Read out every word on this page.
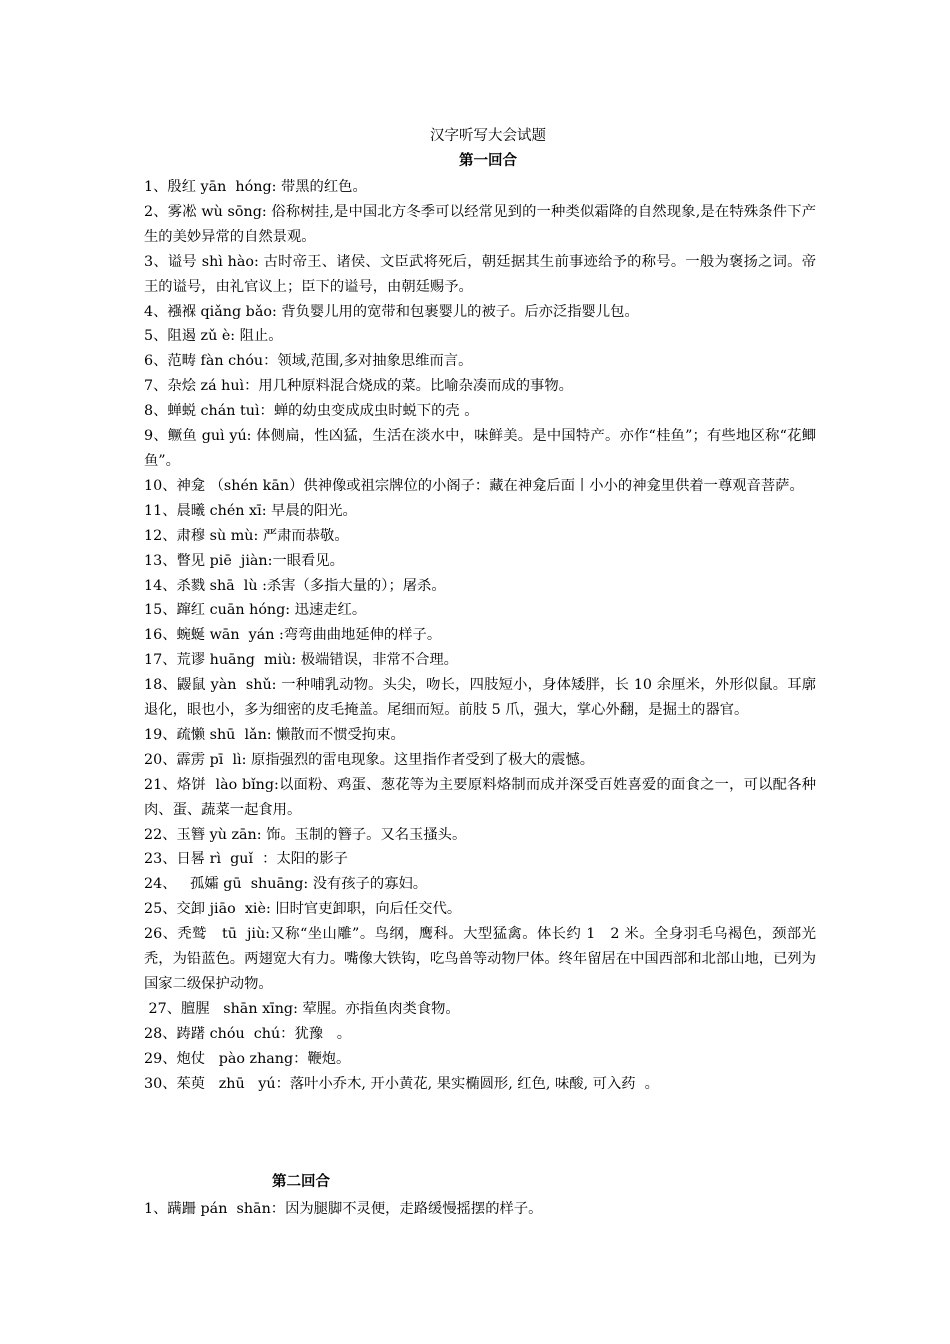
汉字听写大会试题
第一回合
1、殷红 yān  hóng: 带黑的红色。
2、雾凇 wù sōng: 俗称树挂,是中国北方冬季可以经常见到的一种类似霜降的自然现象,是在特殊条件下产生的美妙异常的自然景观。
3、谥号 shì hào: 古时帝王、诸侯、文臣武将死后，朝廷据其生前事迹给予的称号。一般为褒扬之词。帝王的谥号，由礼官议上；臣下的谥号，由朝廷赐予。
4、襁褓 qiǎng bǎo: 背负婴儿用的宽带和包裹婴儿的被子。后亦泛指婴儿包。
5、阻遏 zǔ è: 阻止。
6、范畴 fàn chóu：领域,范围,多对抽象思维而言。
7、杂烩 zá huì：用几种原料混合烧成的菜。比喻杂凑而成的事物。
8、蝉蜕 chán tuì：蝉的幼虫变成成虫时蜕下的壳 。
9、鳜鱼 guì yú: 体侧扁，性凶猛，生活在淡水中，味鲜美。是中国特产。亦作“桂鱼”；有些地区称“花鲫鱼”。
10、神龛 （shén kān）供神像或祖宗牌位的小阁子：藏在神龛后面丨小小的神龛里供着一尊观音菩萨。
11、晨曦 chén xī: 早晨的阳光。
12、肃穆 sù mù: 严肃而恭敬。
13、瞥见 piē  jiàn:一眼看见。
14、杀戮 shā  lù :杀害（多指大量的）；屠杀。
15、蹿红 cuān hóng: 迅速走红。
16、蜿蜒 wān  yán :弯弯曲曲地延伸的样子。
17、荒谬 huāng  miù: 极端错误，非常不合理。
18、鼹鼠 yàn  shǔ: 一种哺乳动物。头尖，吻长，四肢短小，身体矮胖，长 10 余厘米，外形似鼠。耳廓退化，眼也小，多为细密的皮毛掩盖。尾细而短。前肢 5 爪，强大，掌心外翻，是掘土的器官。
19、疏懒 shū  lǎn: 懒散而不惯受拘束。
20、霹雳 pī  lì: 原指强烈的雷电现象。这里指作者受到了极大的震憾。
21、烙饼  lào bǐng:以面粉、鸡蛋、葱花等为主要原料烙制而成并深受百姓喜爱的面食之一，可以配各种肉、蛋、蔬菜一起食用。
22、玉簪 yù zān: 饰。玉制的簪子。又名玉搔头。
23、日晷 rì  guǐ  ：太阳的影子
24、   孤孀 gū  shuāng: 没有孩子的寡妇。
25、交卸 jiāo  xiè: 旧时官吏卸职，向后任交代。
26、秃鹫   tū  jiù:又称“坐山雕”。鸟纲，鹰科。大型猛禽。体长约 1   2 米。全身羽毛乌褐色，颈部光秃，为铅蓝色。两翅宽大有力。嘴像大铁钩，吃鸟兽等动物尸体。终年留居在中国西部和北部山地，已列为国家二级保护动物。
27、膻腥   shān xīng: 荤腥。亦指鱼肉类食物。
28、踌躇 chóu  chú：犹豫   。
29、炮仗   pào zhang：鞭炮。
30、茱萸   zhū   yú：落叶小乔木, 开小黄花, 果实椭圆形, 红色, 味酸, 可入药  。
第二回合
1、蹒跚 pán  shān：因为腿脚不灵便，走路缓慢摇摆的样子。
